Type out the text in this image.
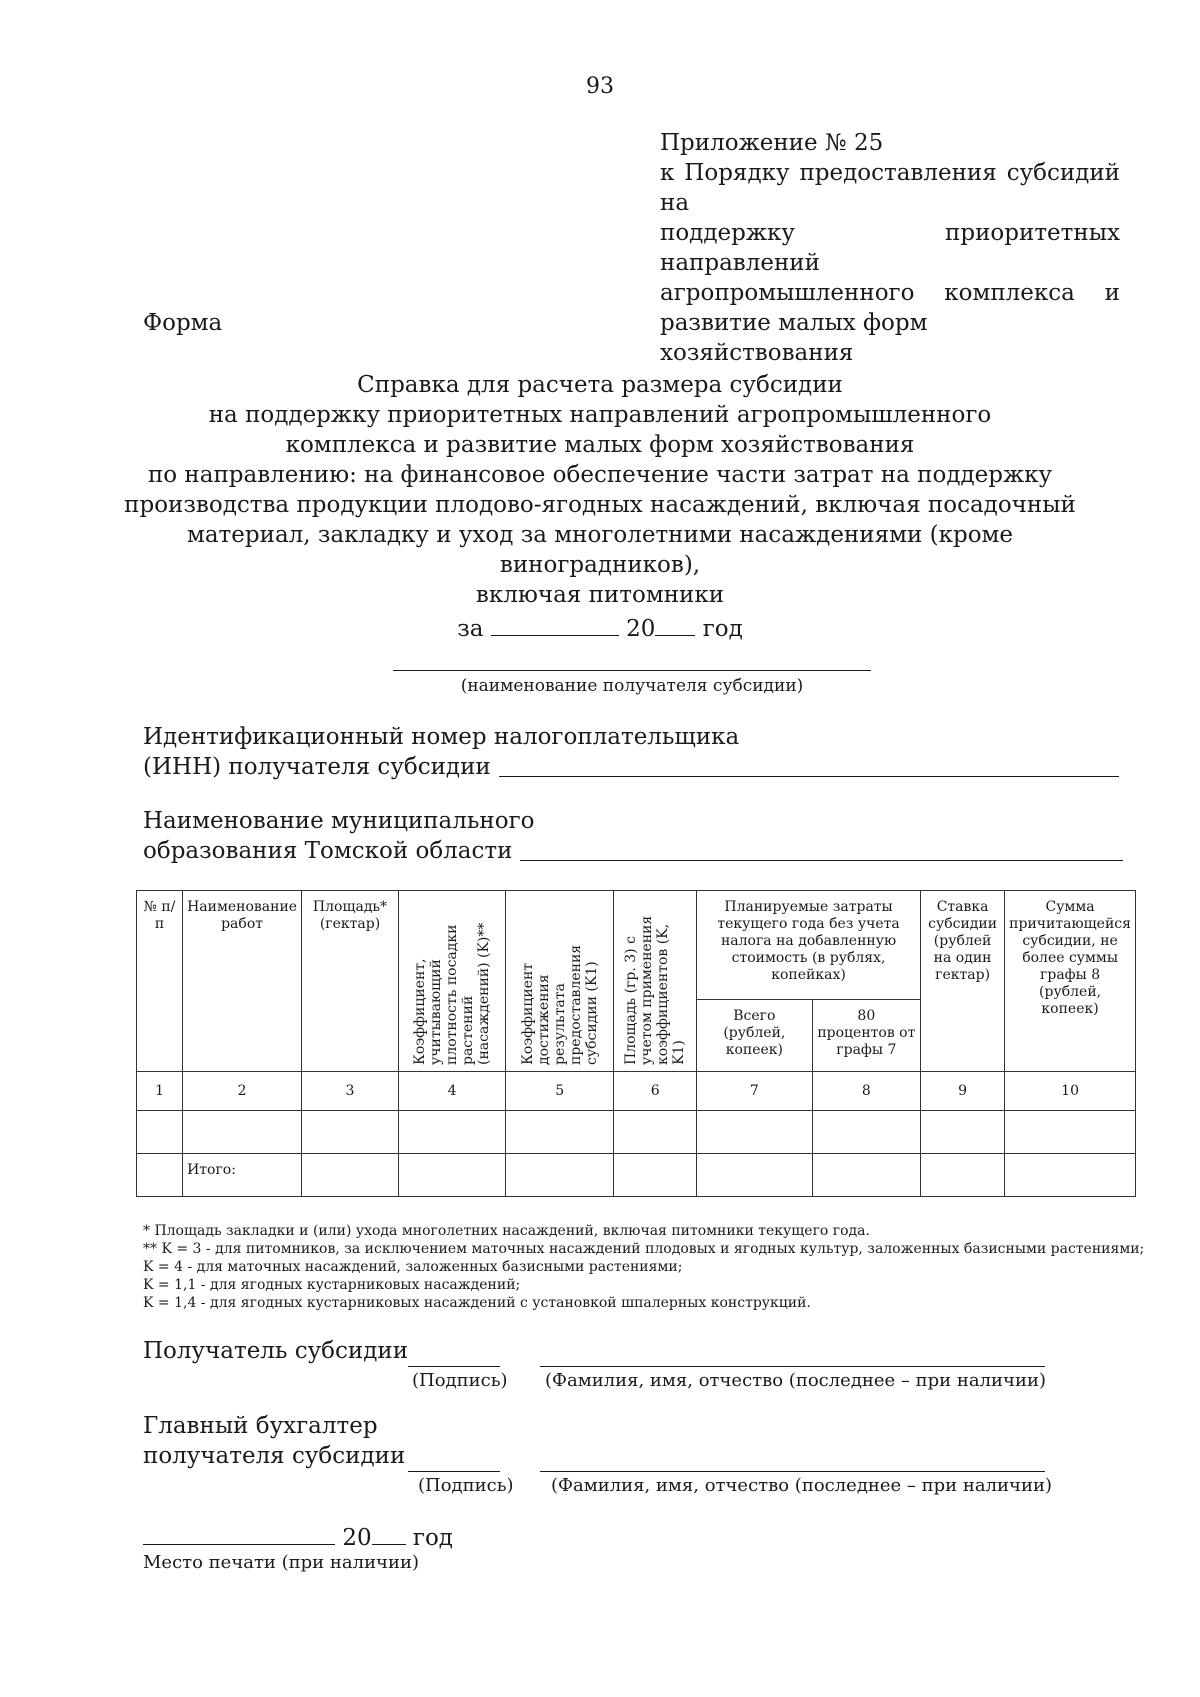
93
Приложение № 25
к Порядку предоставления субсидий на
поддержку приоритетных направлений
агропромышленного комплекса и
развитие малых форм хозяйствования
Форма
Справка для расчета размера субсидии
на поддержку приоритетных направлений агропромышленного
комплекса и развитие малых форм хозяйствования
по направлению: на финансовое обеспечение части затрат на поддержку
производства продукции плодово-ягодных насаждений, включая посадочный
материал, закладку и уход за многолетними насаждениями (кроме виноградников),
включая питомники
за	20 год
(наименование получателя субсидии)
Идентификационный номер налогоплательщика
(ИНН) получателя субсидии
Наименование муниципального
образования Томской области
№ п/п	Наименование работ	Площадь* (гектар)	Коэффициент, учитывающий плотность посадки растений (насаждений) (K)**	Коэффициент достижения результата предоставления субсидии (K1)	Площадь (гр. 3) с учетом применения коэффициентов (K, K1)	Планируемые затраты текущего года без учета налога на добавленную стоимость (в рублях, копейках)		Ставка субсидии (рублей на один гектар)	Сумма причитающейся субсидии, не более суммы графы 8 (рублей, копеек)
						Всего (рублей, копеек)	80 процентов от графы 7		
1	2	3	4	5	6	7	8	9	10

	Итого:								
* Площадь закладки и (или) ухода многолетних насаждений, включая питомники текущего года.
** K = 3 - для питомников, за исключением маточных насаждений плодовых и ягодных культур, заложенных базисными растениями;
K = 4 - для маточных насаждений, заложенных базисными растениями;
K = 1,1 - для ягодных кустарниковых насаждений;
K = 1,4 - для ягодных кустарниковых насаждений с установкой шпалерных конструкций.
Получатель субсидии
(Подпись) (Фамилия, имя, отчество (последнее – при наличии)
Главный бухгалтер
получателя субсидии
(Подпись) (Фамилия, имя, отчество (последнее – при наличии)
20 год
Место печати (при наличии)
